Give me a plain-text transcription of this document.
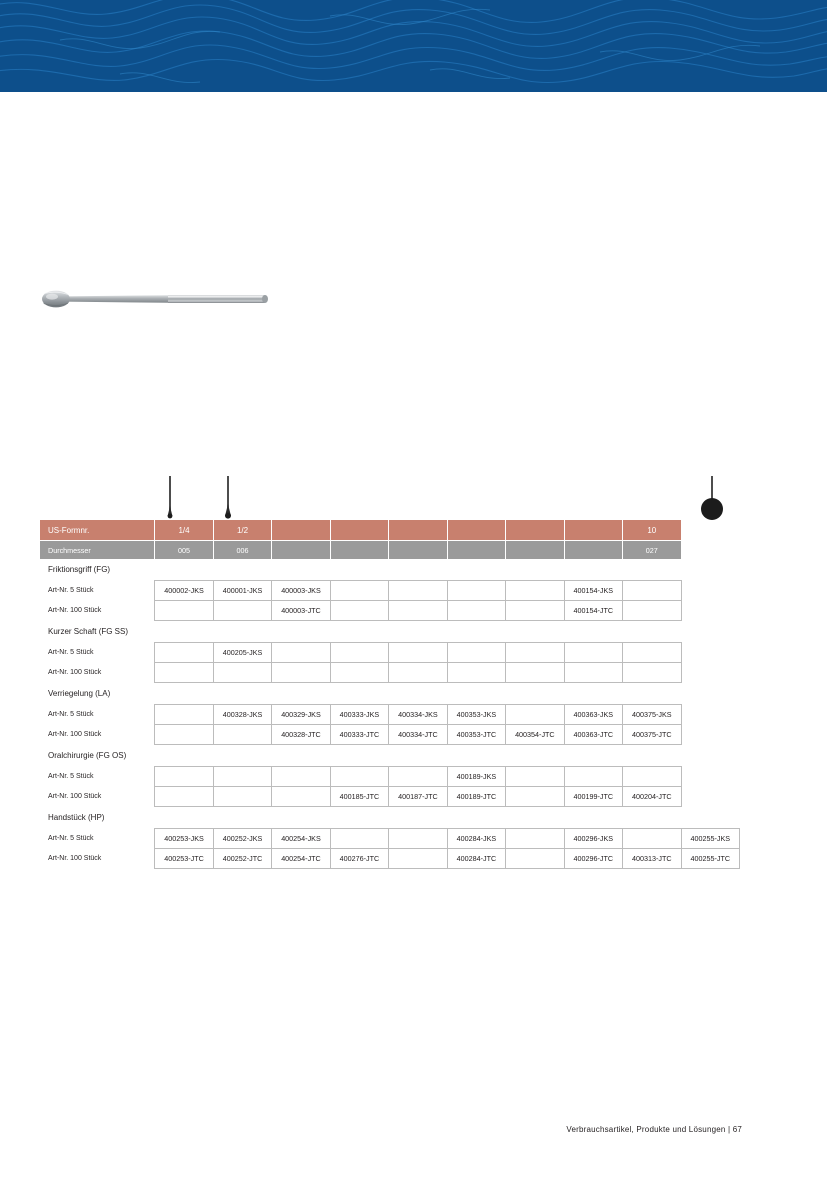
US-Formnr.	1/4	1/2							10	
Durchmesser	005	006							027	
Friktionsgriff (FG)										
Art-Nr. 5 Stück	400002-JKS	400001-JKS	400003-JKS					400154-JKS		
Art-Nr. 100 Stück			400003-JTC					400154-JTC		
Kurzer Schaft (FG SS)										
Art-Nr. 5 Stück		400205-JKS								
Art-Nr. 100 Stück										
Verriegelung (LA)										
Art-Nr. 5 Stück		400328-JKS	400329-JKS	400333-JKS	400334-JKS	400353-JKS		400363-JKS	400375-JKS	
Art-Nr. 100 Stück			400328-JTC	400333-JTC	400334-JTC	400353-JTC	400354-JTC	400363-JTC	400375-JTC	
Oralchirurgie (FG OS)										
Art-Nr. 5 Stück						400189-JKS				
Art-Nr. 100 Stück				400185-JTC	400187-JTC	400189-JTC		400199-JTC	400204-JTC	
Handstück (HP)										
Art-Nr. 5 Stück	400253-JKS	400252-JKS	400254-JKS			400284-JKS		400296-JKS		400255-JKS
Art-Nr. 100 Stück	400253-JTC	400252-JTC	400254-JTC	400276-JTC		400284-JTC		400296-JTC	400313-JTC	400255-JTC
Verbrauchsartikel, Produkte und Lösungen | 67
